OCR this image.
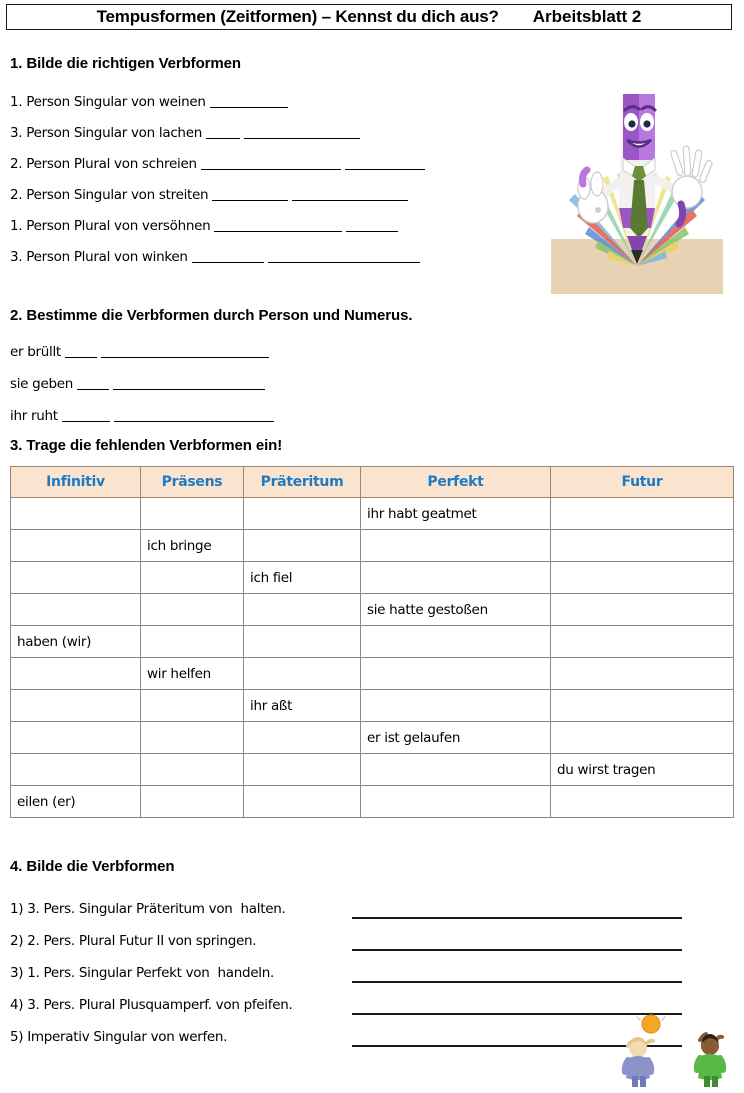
Tempusformen (Zeitformen) – Kennst du dich aus? Arbeitsblatt 2
1. Bilde die richtigen Verbformen
1. Person Singular von weinen
3. Person Singular von lachen
2. Person Plural von schreien
2. Person Singular von streiten
1. Person Plural von versöhnen
3. Person Plural von winken
2. Bestimme die Verbformen durch Person und Numerus.
er brüllt
sie geben
ihr ruht
3. Trage die fehlenden Verbformen ein!
Infinitiv	Präsens	Präteritum	Perfekt	Futur
			ihr habt geatmet	
	ich bringe			
		ich fiel		
			sie hatte gestoßen	
haben (wir)				
	wir helfen			
		ihr aßt		
			er ist gelaufen	
				du wirst tragen
eilen (er)				
4. Bilde die Verbformen
1) 3. Pers. Singular Präteritum von  halten.
2) 2. Pers. Plural Futur II von springen.
3) 1. Pers. Singular Perfekt von  handeln.
4) 3. Pers. Plural Plusquamperf. von pfeifen.
5) Imperativ Singular von werfen.
